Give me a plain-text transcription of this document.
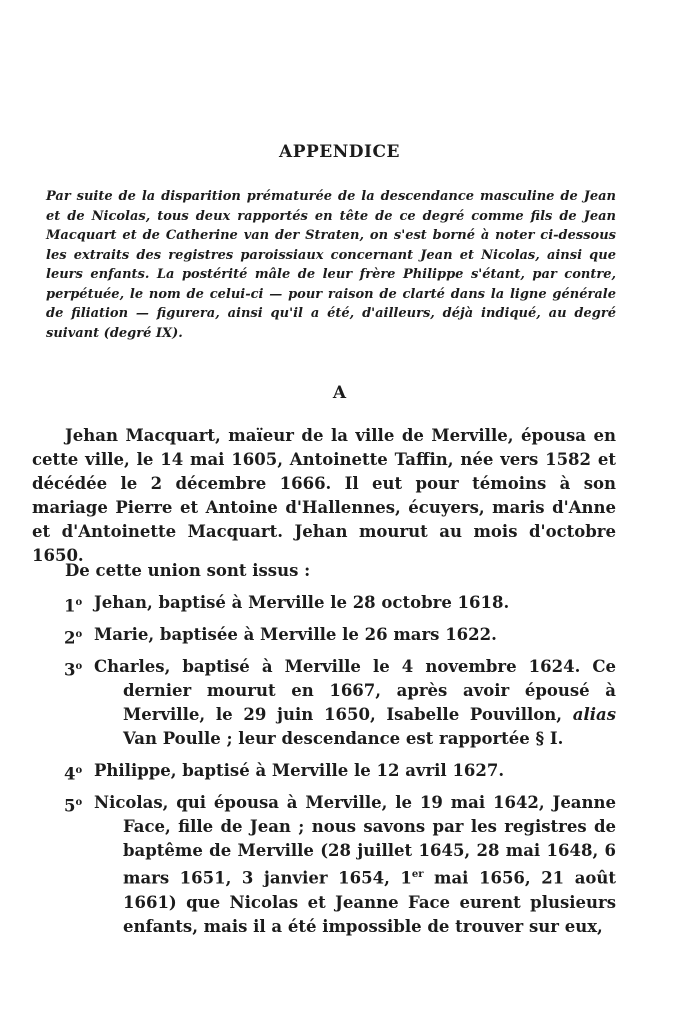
APPENDICE
Par suite de la disparition prématurée de la descendance masculine de Jean et de Nicolas, tous deux rapportés en tête de ce degré comme fils de Jean Macquart et de Catherine van der Straten, on s'est borné à noter ci-dessous les extraits des registres paroissiaux concernant Jean et Nicolas, ainsi que leurs enfants. La postérité mâle de leur frère Philippe s'étant, par contre, perpétuée, le nom de celui-ci — pour raison de clarté dans la ligne générale de filiation — figurera, ainsi qu'il a été, d'ailleurs, déjà indiqué, au degré suivant (degré IX).
A

Jehan Macquart, maïeur de la ville de Merville, épousa en cette ville, le 14 mai 1605, Antoinette Taffin, née vers 1582 et décédée le 2 décembre 1666. Il eut pour témoins à son mariage Pierre et Antoine d'Hallennes, écuyers, maris d'Anne et d'Antoinette Macquart. Jehan mourut au mois d'octobre 1650.

De cette union sont issus :
1$^o$ Jehan, baptisé à Merville le 28 octobre 1618.
2$^o$ Marie, baptisée à Merville le 26 mars 1622.
3$^o$ Charles, baptisé à Merville le 4 novembre 1624. Ce dernier mourut en 1667, après avoir épousé à Merville, le 29 juin 1650, Isabelle Pouvillon, alias Van Poulle ; leur descendance est rapportée § I.
4$^o$ Philippe, baptisé à Merville le 12 avril 1627.
5$^o$ Nicolas, qui épousa à Merville, le 19 mai 1642, Jeanne Face, fille de Jean ; nous savons par les registres de baptême de Merville (28 juillet 1645, 28 mai 1648, 6 mars 1651, 3 janvier 1654, 1er mai 1656, 21 août 1661) que Nicolas et Jeanne Face eurent plusieurs enfants, mais il a été impossible de trouver sur eux,
